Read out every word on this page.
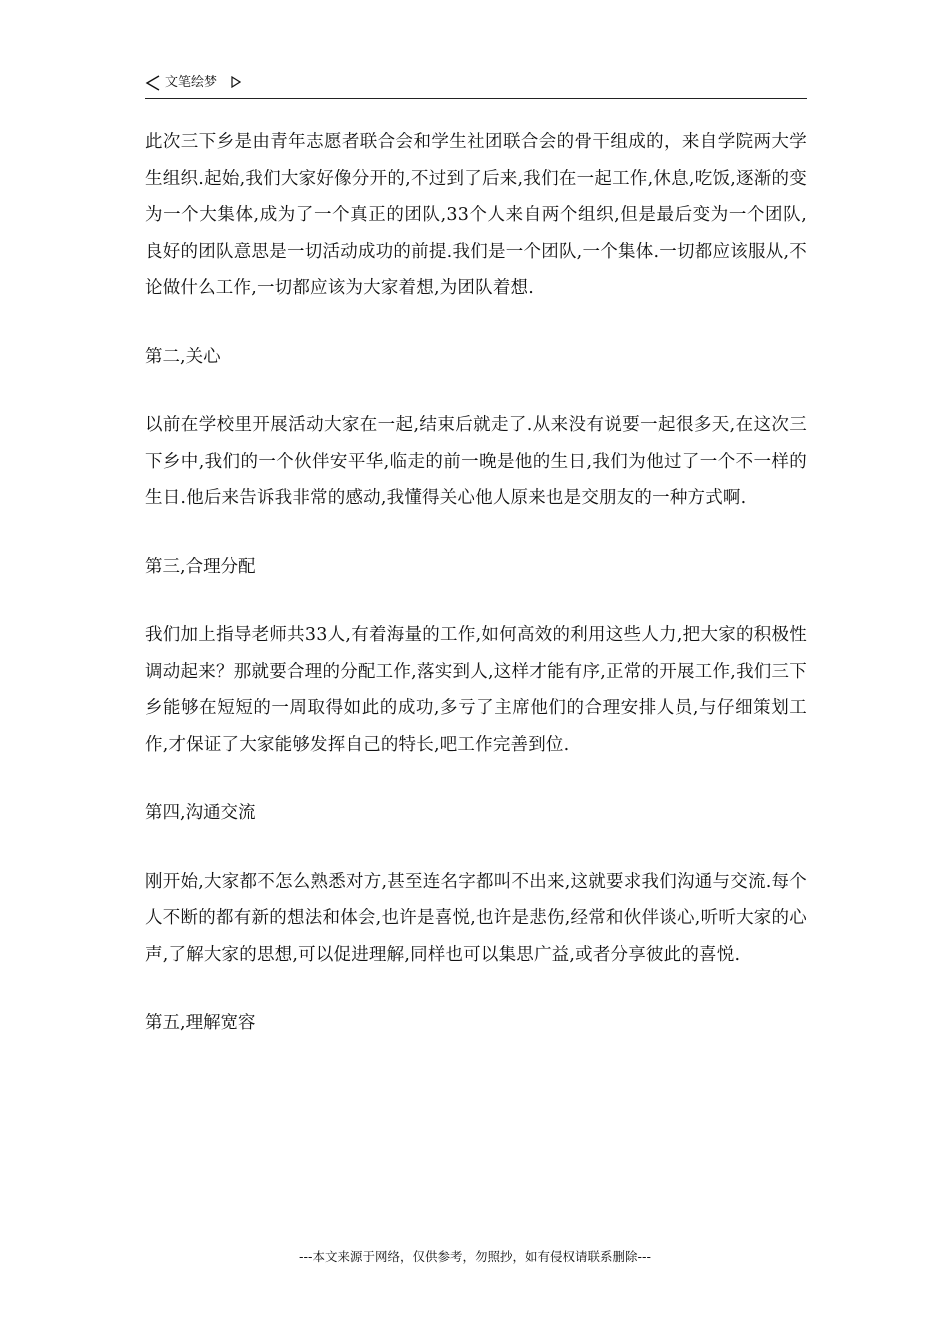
文笔绘梦

此次三下乡是由青年志愿者联合会和学生社团联合会的骨干组成的，来自学院两大学生组织.起始,我们大家好像分开的,不过到了后来,我们在一起工作,休息,吃饭,逐渐的变为一个大集体,成为了一个真正的团队,33个人来自两个组织,但是最后变为一个团队,良好的团队意思是一切活动成功的前提.我们是一个团队,一个集体.一切都应该服从,不论做什么工作,一切都应该为大家着想,为团队着想.

第二,关心

以前在学校里开展活动大家在一起,结束后就走了.从来没有说要一起很多天,在这次三下乡中,我们的一个伙伴安平华,临走的前一晚是他的生日,我们为他过了一个不一样的生日.他后来告诉我非常的感动,我懂得关心他人原来也是交朋友的一种方式啊.

第三,合理分配

我们加上指导老师共33人,有着海量的工作,如何高效的利用这些人力,把大家的积极性调动起来？那就要合理的分配工作,落实到人,这样才能有序,正常的开展工作,我们三下乡能够在短短的一周取得如此的成功,多亏了主席他们的合理安排人员,与仔细策划工作,才保证了大家能够发挥自己的特长,吧工作完善到位.

第四,沟通交流

刚开始,大家都不怎么熟悉对方,甚至连名字都叫不出来,这就要求我们沟通与交流.每个人不断的都有新的想法和体会,也许是喜悦,也许是悲伤,经常和伙伴谈心,听听大家的心声,了解大家的思想,可以促进理解,同样也可以集思广益,或者分享彼此的喜悦.

第五,理解宽容

---本文来源于网络，仅供参考，勿照抄，如有侵权请联系删除---
